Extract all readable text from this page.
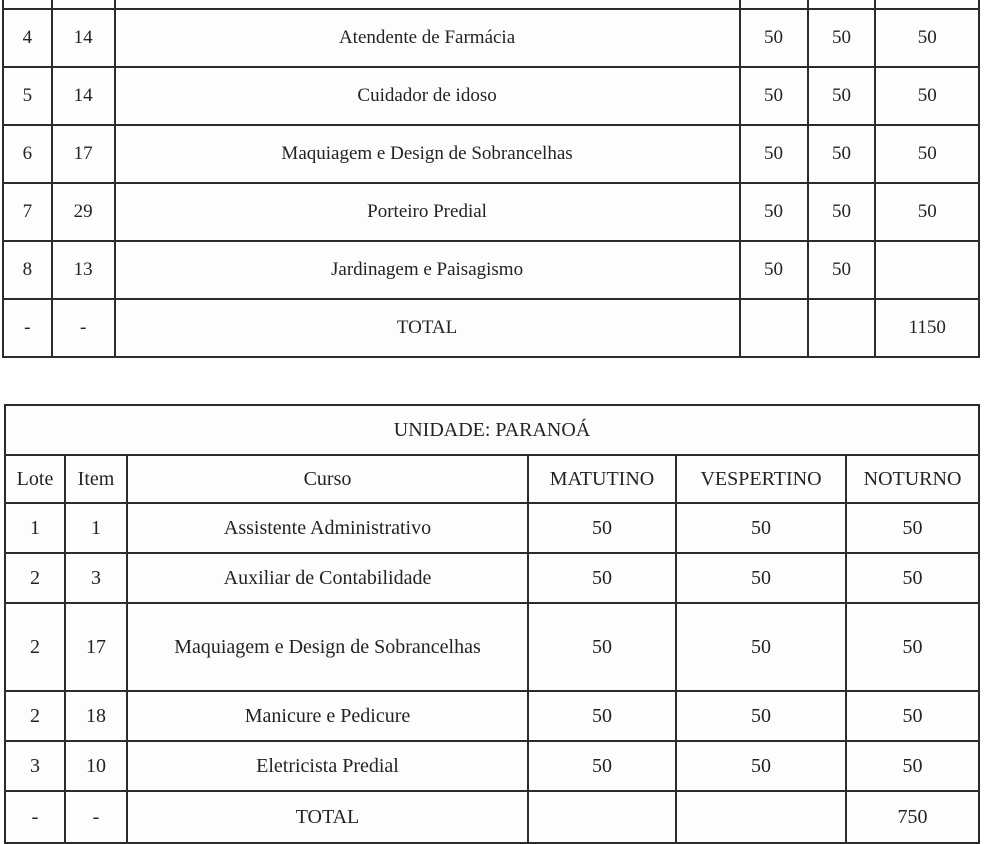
4	14	Atendente de Farmácia	50	50	50
5	14	Cuidador de idoso	50	50	50
6	17	Maquiagem e Design de Sobrancelhas	50	50	50
7	29	Porteiro Predial	50	50	50
8	13	Jardinagem e Paisagismo	50	50	
-	-	TOTAL			1150
UNIDADE: PARANOÁ					
Lote	Item	Curso	MATUTINO	VESPERTINO	NOTURNO
1	1	Assistente Administrativo	50	50	50
2	3	Auxiliar de Contabilidade	50	50	50
2	17	Maquiagem e Design de Sobrancelhas	50	50	50
2	18	Manicure e Pedicure	50	50	50
3	10	Eletricista Predial	50	50	50
-	-	TOTAL			750
